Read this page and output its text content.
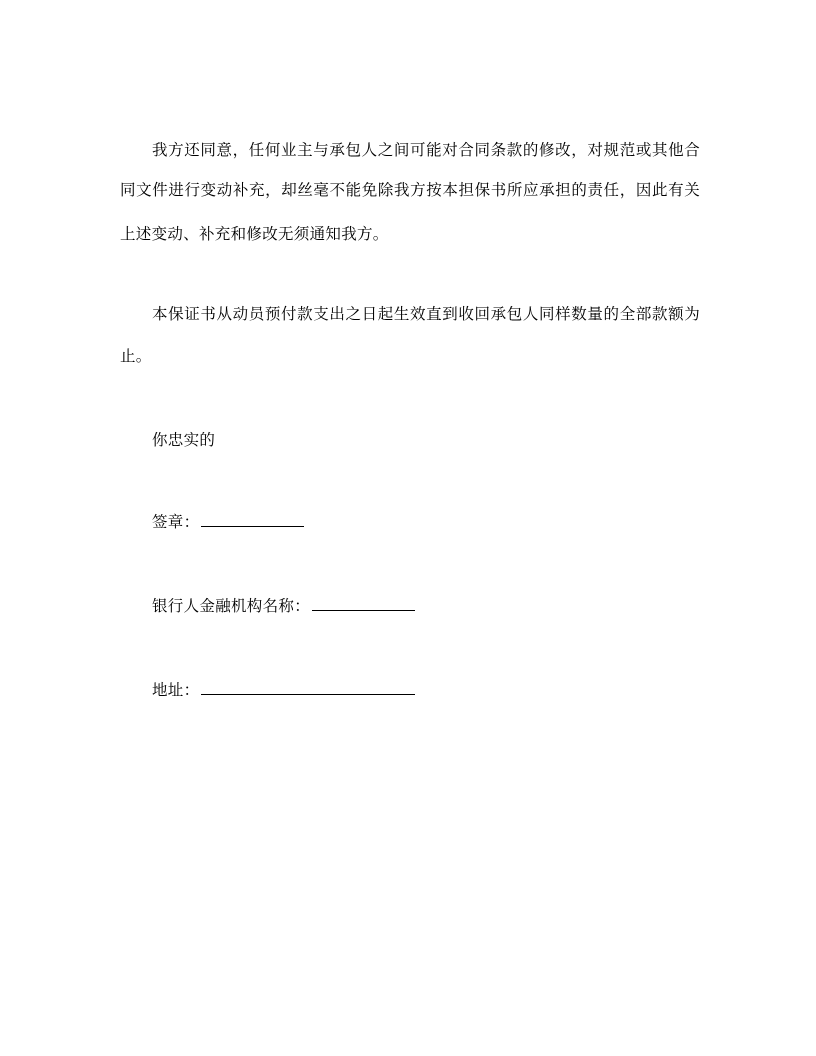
我方还同意，任何业主与承包人之间可能对合同条款的修改，对规范或其他合
同文件进行变动补充，却丝毫不能免除我方按本担保书所应承担的责任，因此有关
上述变动、补充和修改无须通知我方。
本保证书从动员预付款支出之日起生效直到收回承包人同样数量的全部款额为
止。
你忠实的
签章：
银行人金融机构名称：
地址：
